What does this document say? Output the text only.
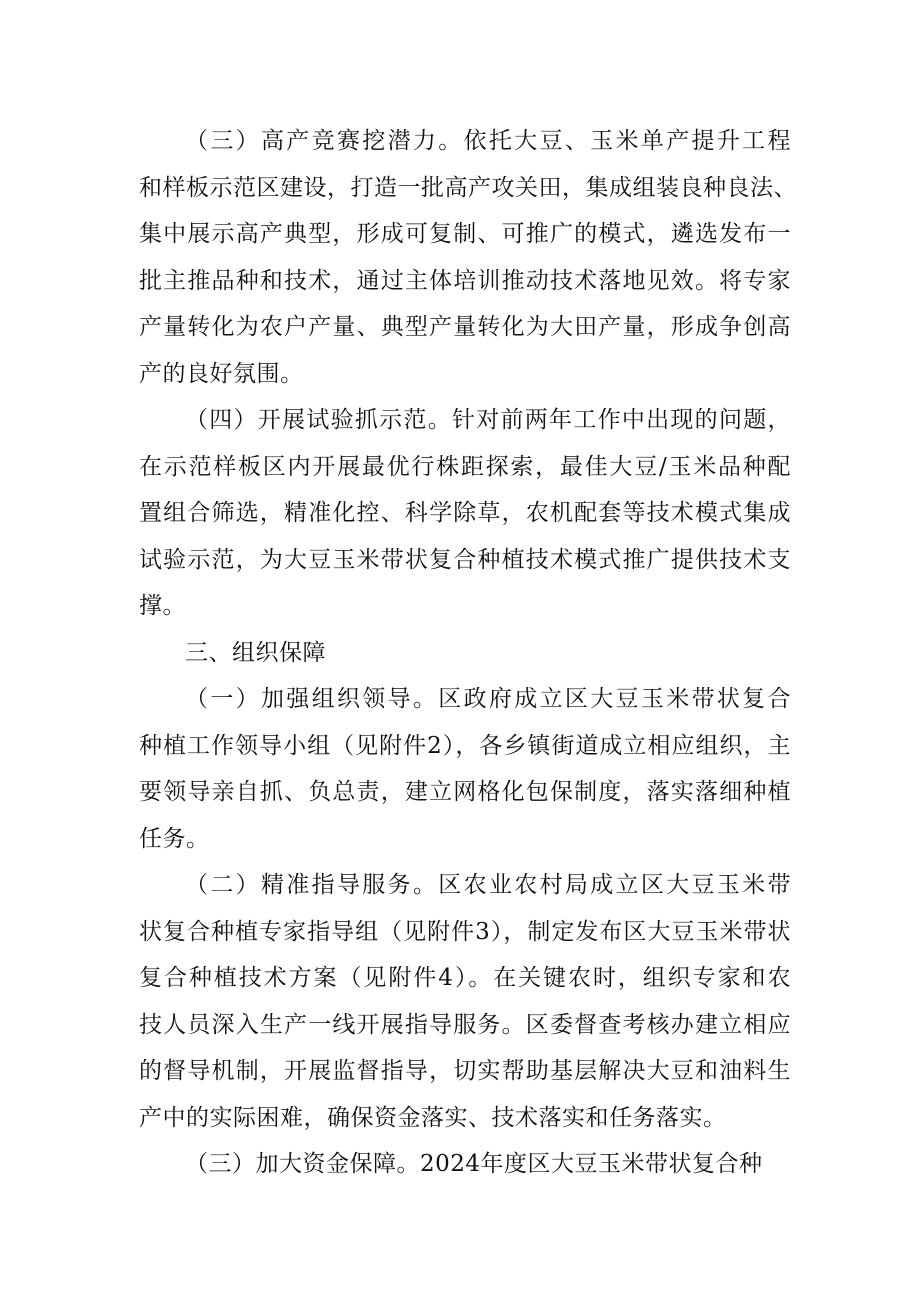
（三）高产竞赛挖潜力。依托大豆、玉米单产提升工程
和样板示范区建设，打造一批高产攻关田，集成组装良种良法、
集中展示高产典型，形成可复制、可推广的模式，遴选发布一
批主推品种和技术，通过主体培训推动技术落地见效。将专家
产量转化为农户产量、典型产量转化为大田产量，形成争创高
产的良好氛围。
（四）开展试验抓示范。针对前两年工作中出现的问题，
在示范样板区内开展最优行株距探索，最佳大豆/玉米品种配
置组合筛选，精准化控、科学除草，农机配套等技术模式集成
试验示范，为大豆玉米带状复合种植技术模式推广提供技术支
撑。
三、组织保障
（一）加强组织领导。区政府成立区大豆玉米带状复合
种植工作领导小组（见附件2），各乡镇街道成立相应组织，主
要领导亲自抓、负总责，建立网格化包保制度，落实落细种植
任务。
（二）精准指导服务。区农业农村局成立区大豆玉米带
状复合种植专家指导组（见附件3），制定发布区大豆玉米带状
复合种植技术方案（见附件4）。在关键农时，组织专家和农
技人员深入生产一线开展指导服务。区委督查考核办建立相应
的督导机制，开展监督指导，切实帮助基层解决大豆和油料生
产中的实际困难，确保资金落实、技术落实和任务落实。
（三）加大资金保障。2024年度区大豆玉米带状复合种
